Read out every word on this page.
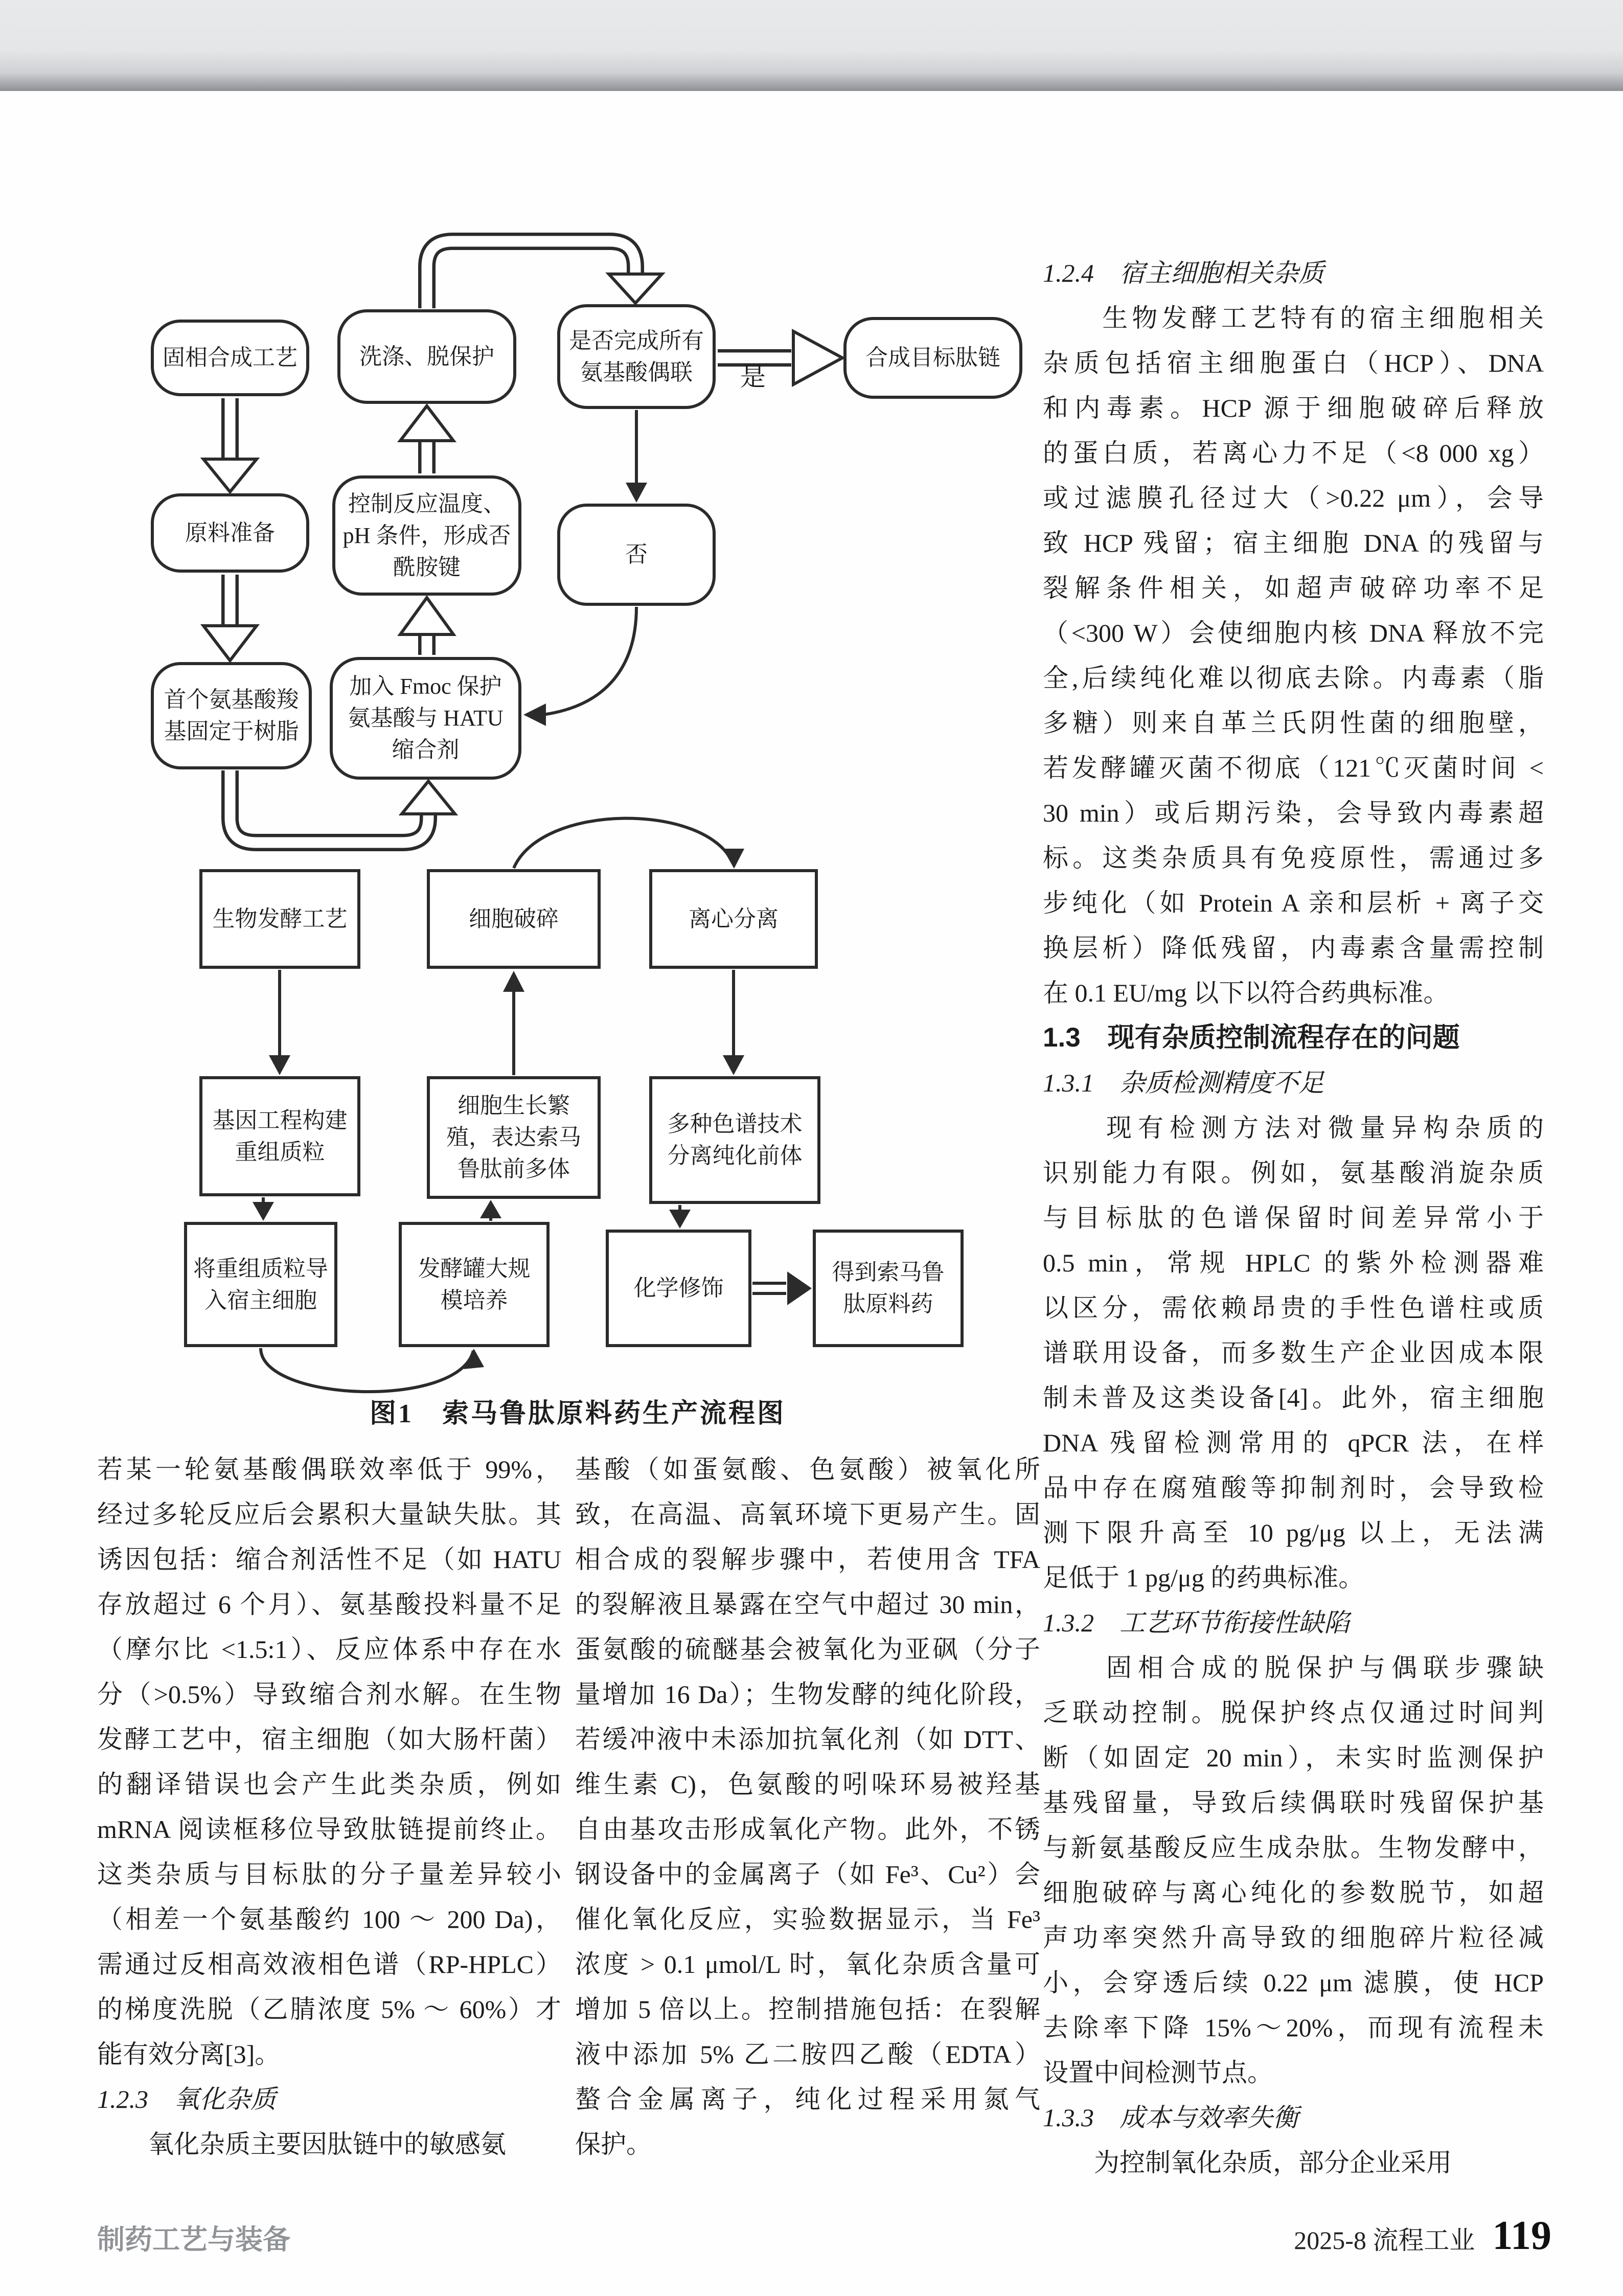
固相合成工艺	洗涤、脱保护
是否完成所有氨基酸偶联
合成目标肽链
原料准备
控制反应温度、pH 条件，形成否酰胺键	否
首个氨基酸羧基固定于树脂
加入 Fmoc 保护氨基酸与 HATU 缩合剂
是
生物发酵工艺	细胞破碎	离心分离
基因工程构建重组质粒
细胞生长繁殖，表达索马鲁肽前多体
多种色谱技术分离纯化前体
将重组质粒导入宿主细胞
发酵罐大规模培养	化学修饰
得到索马鲁肽原料药
图1　索马鲁肽原料药生产流程图
若某一轮氨基酸偶联效率低于 99%，
经过多轮反应后会累积大量缺失肽。其
诱因包括：缩合剂活性不足（如 HATU
存放超过 6 个月）、氨基酸投料量不足
（摩尔比 <1.5:1）、反应体系中存在水
分（>0.5%）导致缩合剂水解。在生物
发酵工艺中，宿主细胞（如大肠杆菌）
的翻译错误也会产生此类杂质，例如
mRNA 阅读框移位导致肽链提前终止。
这类杂质与目标肽的分子量差异较小
（相差一个氨基酸约 100 ～ 200 Da)，
需通过反相高效液相色谱（RP-HPLC）
的梯度洗脱（乙腈浓度 5% ～ 60%）才
能有效分离[3]。
1.2.3　氧化杂质
　　氧化杂质主要因肽链中的敏感氨
基酸（如蛋氨酸、色氨酸）被氧化所
致，在高温、高氧环境下更易产生。固
相合成的裂解步骤中，若使用含 TFA
的裂解液且暴露在空气中超过 30 min，
蛋氨酸的硫醚基会被氧化为亚砜（分子
量增加 16 Da）；生物发酵的纯化阶段，
若缓冲液中未添加抗氧化剂（如 DTT、
维生素 C)，色氨酸的吲哚环易被羟基
自由基攻击形成氧化产物。此外，不锈
钢设备中的金属离子（如 Fe³、Cu²）会
催化氧化反应，实验数据显示，当 Fe³
浓度 > 0.1 μmol/L 时，氧化杂质含量可
增加 5 倍以上。控制措施包括：在裂解
液中添加 5% 乙二胺四乙酸（EDTA）
螯合金属离子，纯化过程采用氮气
保护。
1.2.4　宿主细胞相关杂质
　　生物发酵工艺特有的宿主细胞相关
杂质包括宿主细胞蛋白（HCP）、DNA
和内毒素。HCP 源于细胞破碎后释放
的蛋白质，若离心力不足（<8 000 xg）
或过滤膜孔径过大（>0.22 μm），会导
致 HCP 残留；宿主细胞 DNA 的残留与
裂解条件相关，如超声破碎功率不足
（<300 W）会使细胞内核 DNA 释放不完
全,后续纯化难以彻底去除。内毒素（脂
多糖）则来自革兰氏阴性菌的细胞壁，
若发酵罐灭菌不彻底（121℃灭菌时间 <
30 min）或后期污染，会导致内毒素超
标。这类杂质具有免疫原性，需通过多
步纯化（如 Protein A 亲和层析 + 离子交
换层析）降低残留，内毒素含量需控制
在 0.1 EU/mg 以下以符合药典标准。
1.3　现有杂质控制流程存在的问题
1.3.1　杂质检测精度不足
　　现有检测方法对微量异构杂质的
识别能力有限。例如，氨基酸消旋杂质
与目标肽的色谱保留时间差异常小于
0.5 min，常规 HPLC 的紫外检测器难
以区分，需依赖昂贵的手性色谱柱或质
谱联用设备，而多数生产企业因成本限
制未普及这类设备[4]。此外，宿主细胞
DNA 残留检测常用的 qPCR 法，在样
品中存在腐殖酸等抑制剂时，会导致检
测下限升高至 10 pg/μg 以上，无法满
足低于 1 pg/μg 的药典标准。
1.3.2　工艺环节衔接性缺陷
　　固相合成的脱保护与偶联步骤缺
乏联动控制。脱保护终点仅通过时间判
断（如固定 20 min），未实时监测保护
基残留量，导致后续偶联时残留保护基
与新氨基酸反应生成杂肽。生物发酵中，
细胞破碎与离心纯化的参数脱节，如超
声功率突然升高导致的细胞碎片粒径减
小，会穿透后续 0.22 μm 滤膜，使 HCP
去除率下降 15%～20%，而现有流程未
设置中间检测节点。
1.3.3　成本与效率失衡
　　为控制氧化杂质，部分企业采用
制药工艺与装备	2025-8 流程工业 119
